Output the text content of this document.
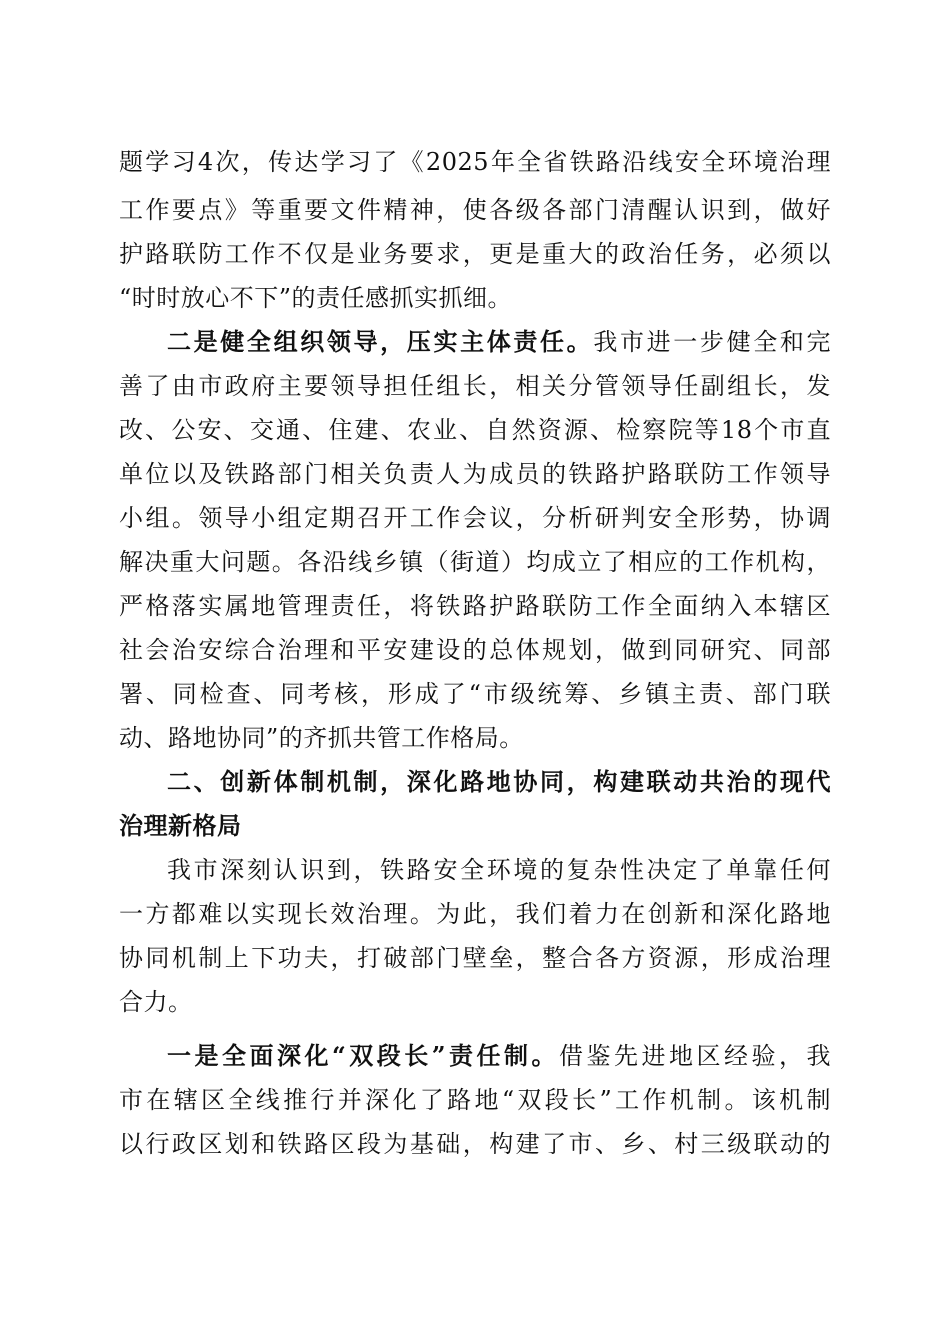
题学习4次，传达学习了《2025年全省铁路沿线安全环境治理
工作要点》等重要文件精神，使各级各部门清醒认识到，做好
护路联防工作不仅是业务要求，更是重大的政治任务，必须以
“时时放心不下”的责任感抓实抓细。
二是健全组织领导，压实主体责任。我市进一步健全和完
善了由市政府主要领导担任组长，相关分管领导任副组长，发
改、公安、交通、住建、农业、自然资源、检察院等18个市直
单位以及铁路部门相关负责人为成员的铁路护路联防工作领导
小组。领导小组定期召开工作会议，分析研判安全形势，协调
解决重大问题。各沿线乡镇（街道）均成立了相应的工作机构，
严格落实属地管理责任，将铁路护路联防工作全面纳入本辖区
社会治安综合治理和平安建设的总体规划，做到同研究、同部
署、同检查、同考核，形成了“市级统筹、乡镇主责、部门联
动、路地协同”的齐抓共管工作格局。
二、创新体制机制，深化路地协同，构建联动共治的现代
治理新格局
我市深刻认识到，铁路安全环境的复杂性决定了单靠任何
一方都难以实现长效治理。为此，我们着力在创新和深化路地
协同机制上下功夫，打破部门壁垒，整合各方资源，形成治理
合力。
一是全面深化“双段长”责任制。借鉴先进地区经验，我
市在辖区全线推行并深化了路地“双段长”工作机制。该机制
以行政区划和铁路区段为基础，构建了市、乡、村三级联动的
